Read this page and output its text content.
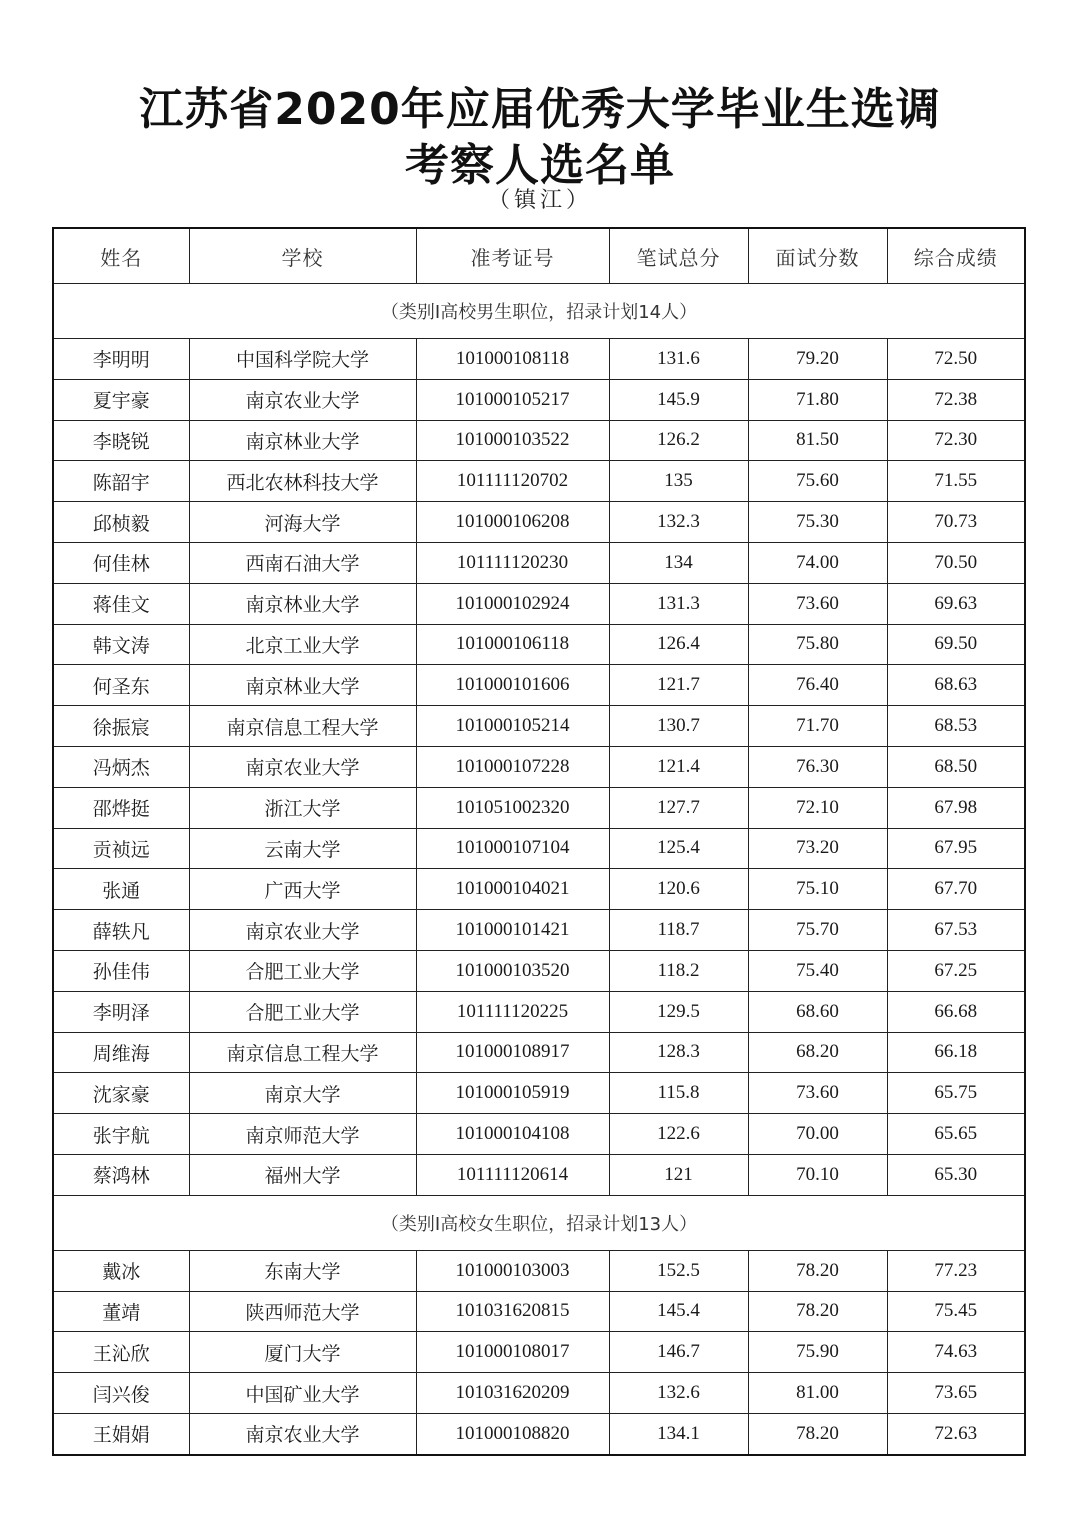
江苏省2020年应届优秀大学毕业生选调
考察人选名单
（镇江）
姓名	学校	准考证号	笔试总分	面试分数	综合成绩
（类别I高校男生职位，招录计划14人）					
李明明	中国科学院大学	101000108118	131.6	79.20	72.50
夏宇豪	南京农业大学	101000105217	145.9	71.80	72.38
李晓锐	南京林业大学	101000103522	126.2	81.50	72.30
陈韶宇	西北农林科技大学	101111120702	135	75.60	71.55
邱桢毅	河海大学	101000106208	132.3	75.30	70.73
何佳林	西南石油大学	101111120230	134	74.00	70.50
蒋佳文	南京林业大学	101000102924	131.3	73.60	69.63
韩文涛	北京工业大学	101000106118	126.4	75.80	69.50
何圣东	南京林业大学	101000101606	121.7	76.40	68.63
徐振宸	南京信息工程大学	101000105214	130.7	71.70	68.53
冯炳杰	南京农业大学	101000107228	121.4	76.30	68.50
邵烨挺	浙江大学	101051002320	127.7	72.10	67.98
贡祯远	云南大学	101000107104	125.4	73.20	67.95
张通	广西大学	101000104021	120.6	75.10	67.70
薛轶凡	南京农业大学	101000101421	118.7	75.70	67.53
孙佳伟	合肥工业大学	101000103520	118.2	75.40	67.25
李明泽	合肥工业大学	101111120225	129.5	68.60	66.68
周维海	南京信息工程大学	101000108917	128.3	68.20	66.18
沈家豪	南京大学	101000105919	115.8	73.60	65.75
张宇航	南京师范大学	101000104108	122.6	70.00	65.65
蔡鸿林	福州大学	101111120614	121	70.10	65.30
（类别I高校女生职位，招录计划13人）					
戴冰	东南大学	101000103003	152.5	78.20	77.23
董靖	陕西师范大学	101031620815	145.4	78.20	75.45
王沁欣	厦门大学	101000108017	146.7	75.90	74.63
闫兴俊	中国矿业大学	101031620209	132.6	81.00	73.65
王娟娟	南京农业大学	101000108820	134.1	78.20	72.63
